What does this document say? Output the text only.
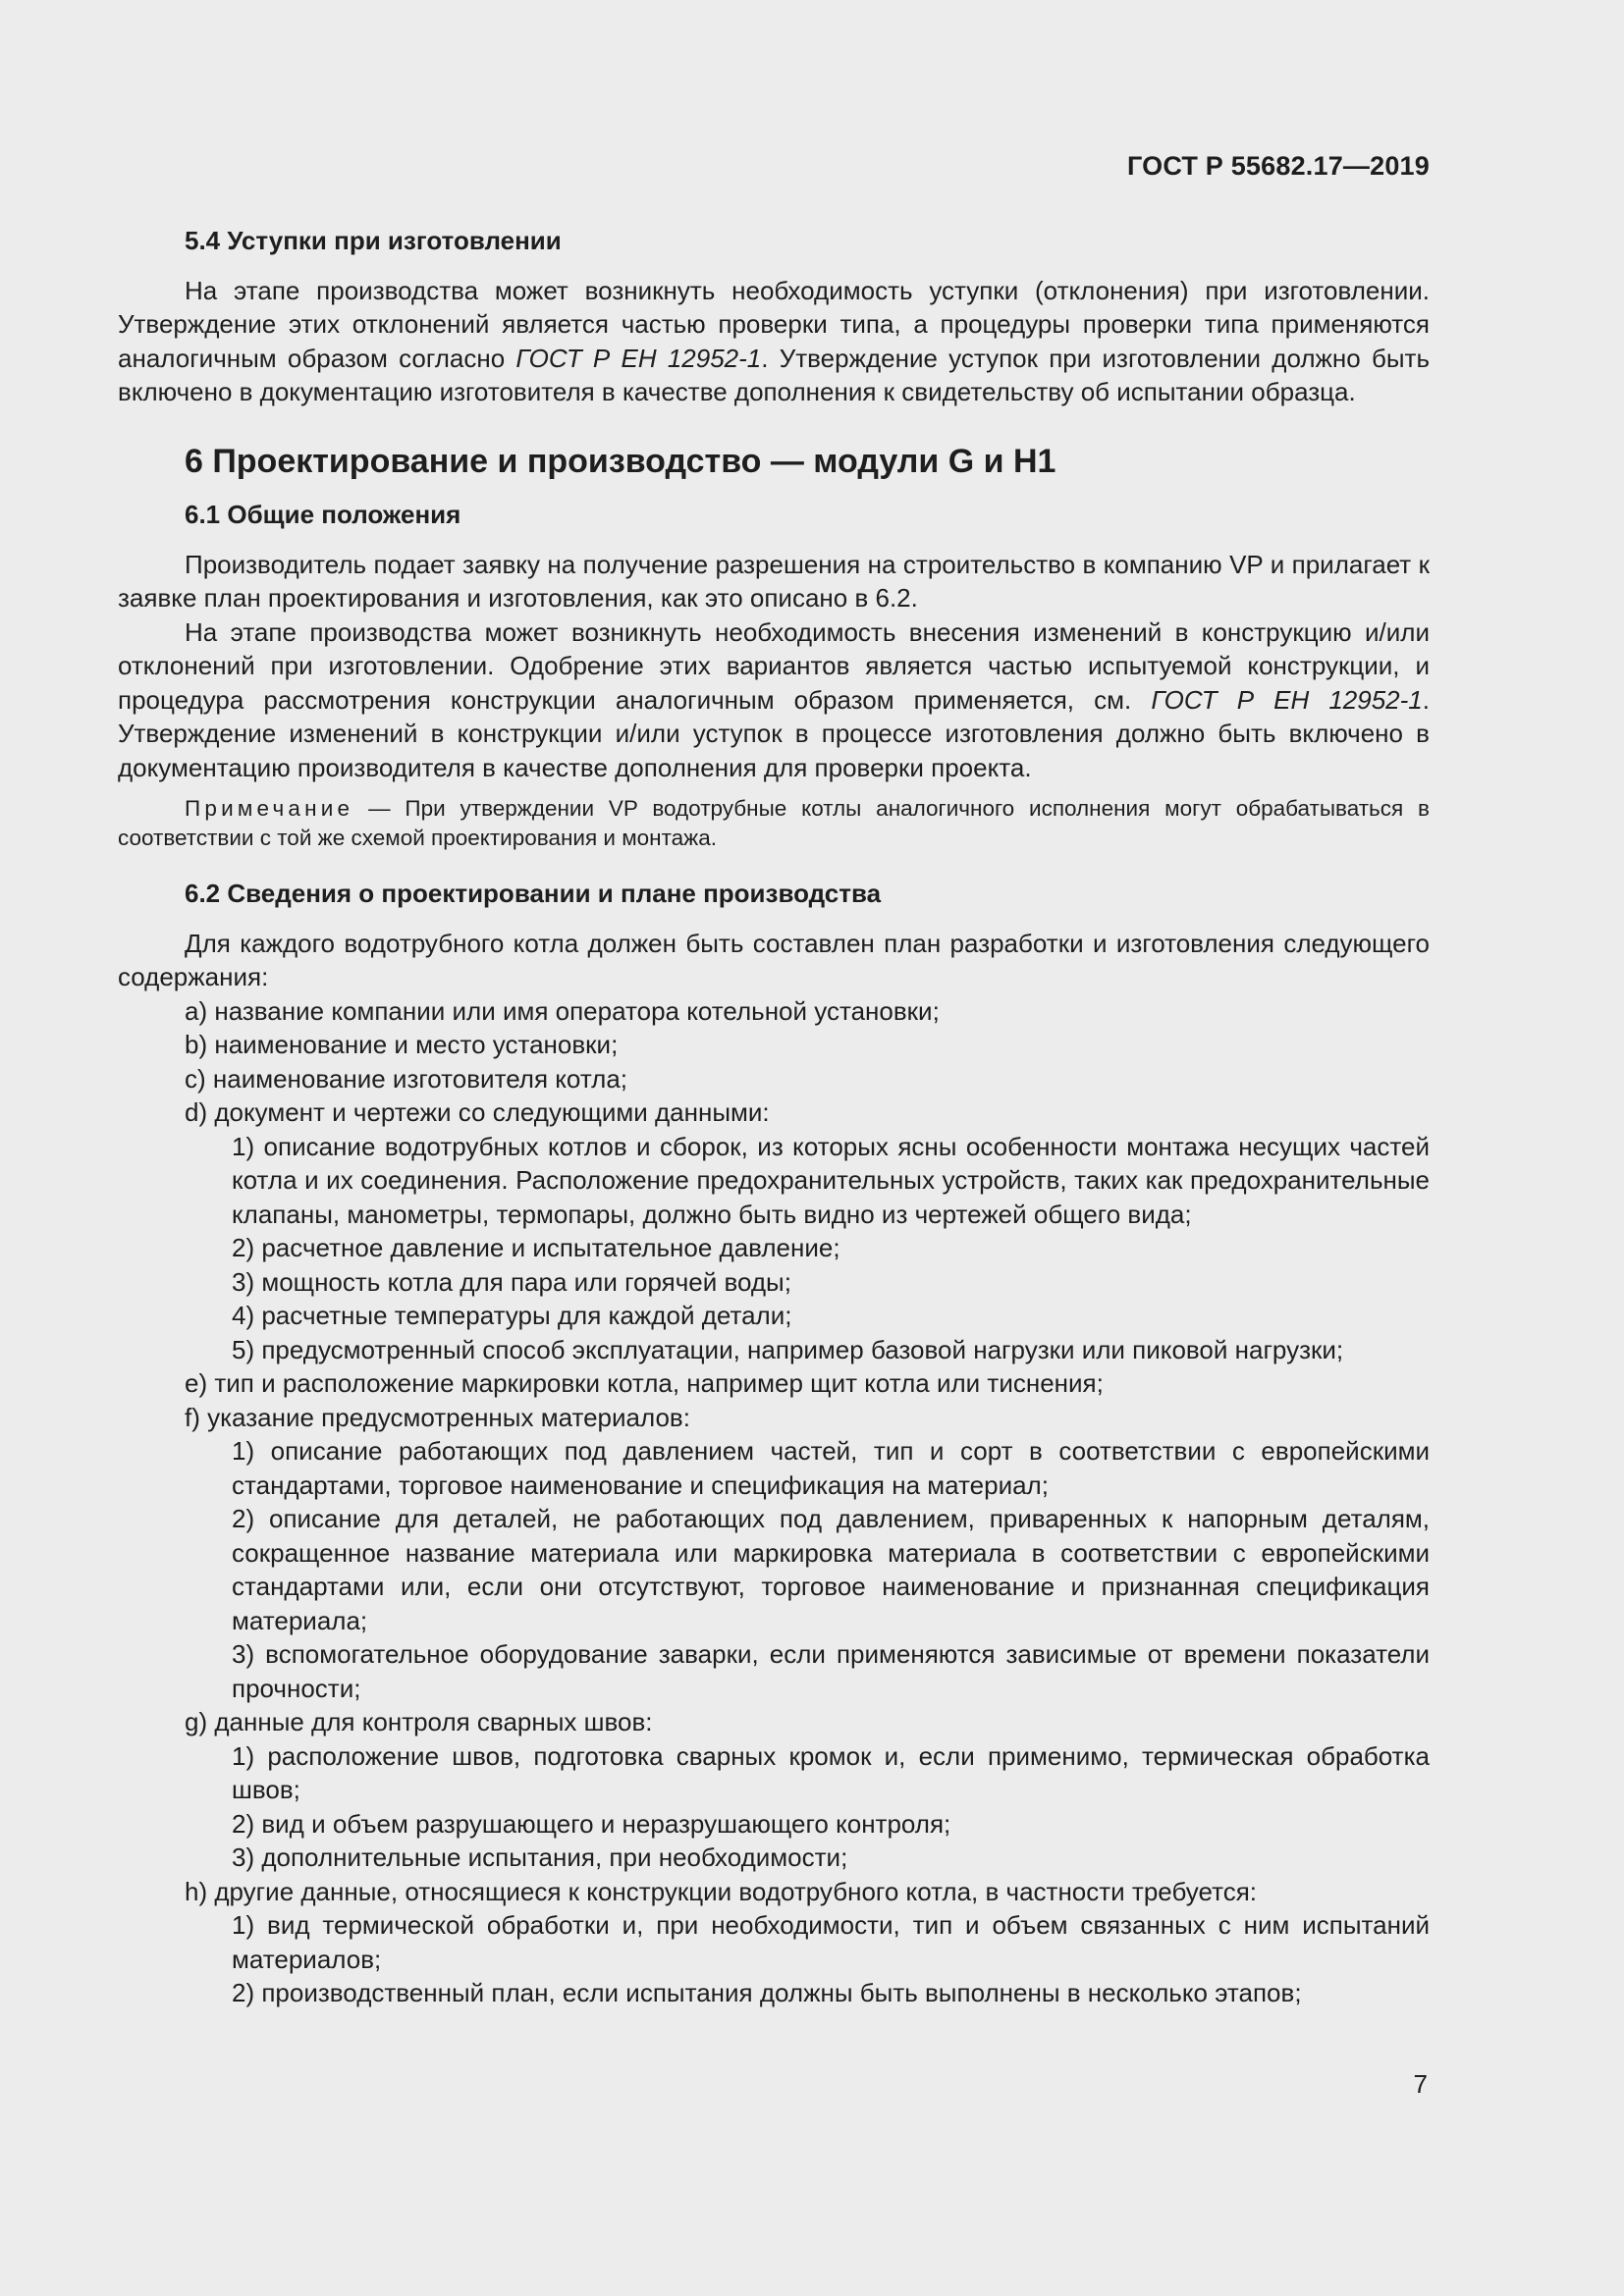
ГОСТ Р 55682.17—2019

5.4 Уступки при изготовлении

На этапе производства может возникнуть необходимость уступки (отклонения) при изготовлении. Утверждение этих отклонений является частью проверки типа, а процедуры проверки типа применяются аналогичным образом согласно ГОСТ Р ЕН 12952-1. Утверждение уступок при изготовлении должно быть включено в документацию изготовителя в качестве дополнения к свидетельству об испытании образца.

6 Проектирование и производство — модули G и H1

6.1 Общие положения

Производитель подает заявку на получение разрешения на строительство в компанию VP и прилагает к заявке план проектирования и изготовления, как это описано в 6.2.

На этапе производства может возникнуть необходимость внесения изменений в конструкцию и/или отклонений при изготовлении. Одобрение этих вариантов является частью испытуемой конструкции, и процедура рассмотрения конструкции аналогичным образом применяется, см. ГОСТ Р ЕН 12952-1. Утверждение изменений в конструкции и/или уступок в процессе изготовления должно быть включено в документацию производителя в качестве дополнения для проверки проекта.

Примечание — При утверждении VP водотрубные котлы аналогичного исполнения могут обрабатываться в соответствии с той же схемой проектирования и монтажа.

6.2 Сведения о проектировании и плане производства

Для каждого водотрубного котла должен быть составлен план разработки и изготовления следующего содержания:

a) название компании или имя оператора котельной установки;

b) наименование и место установки;

c) наименование изготовителя котла;

d) документ и чертежи со следующими данными:

1) описание водотрубных котлов и сборок, из которых ясны особенности монтажа несущих частей котла и их соединения. Расположение предохранительных устройств, таких как предохранительные клапаны, манометры, термопары, должно быть видно из чертежей общего вида;

2) расчетное давление и испытательное давление;

3) мощность котла для пара или горячей воды;

4) расчетные температуры для каждой детали;

5) предусмотренный способ эксплуатации, например базовой нагрузки или пиковой нагрузки;

e) тип и расположение маркировки котла, например щит котла или тиснения;

f) указание предусмотренных материалов:

1) описание работающих под давлением частей, тип и сорт в соответствии с европейскими стандартами, торговое наименование и спецификация на материал;

2) описание для деталей, не работающих под давлением, приваренных к напорным деталям, сокращенное название материала или маркировка материала в соответствии с европейскими стандартами или, если они отсутствуют, торговое наименование и признанная спецификация материала;

3) вспомогательное оборудование заварки, если применяются зависимые от времени показатели прочности;

g) данные для контроля сварных швов:

1) расположение швов, подготовка сварных кромок и, если применимо, термическая обработка швов;

2) вид и объем разрушающего и неразрушающего контроля;

3) дополнительные испытания, при необходимости;

h) другие данные, относящиеся к конструкции водотрубного котла, в частности требуется:

1) вид термической обработки и, при необходимости, тип и объем связанных с ним испытаний материалов;

2) производственный план, если испытания должны быть выполнены в несколько этапов;

7
